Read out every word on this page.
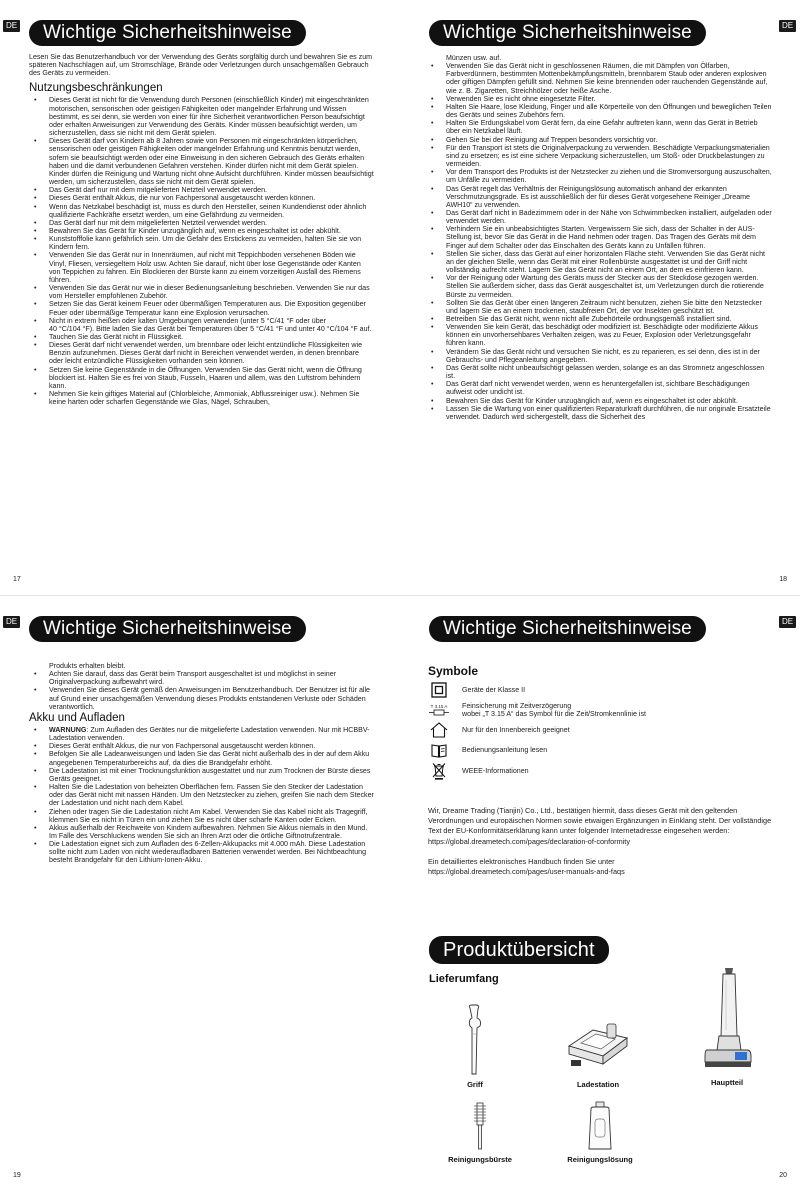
DE	Wichtige Sicherheitshinweise

Lesen Sie das Benutzerhandbuch vor der Verwendung des Geräts sorgfältig durch und bewahren Sie es zum späteren Nachschlagen auf, um Stromschläge, Brände oder Verletzungen durch unsachgemäßen Gebrauch des Geräts zu vermeiden.

Nutzungsbeschränkungen
• Dieses Gerät ist nicht für die Verwendung durch Personen (einschließlich Kinder) mit eingeschränkten motorischen, sensorischen oder geistigen Fähigkeiten oder mangelnder Erfahrung und Wissen bestimmt, es sei denn, sie werden von einer für ihre Sicherheit verantwortlichen Person beaufsichtigt oder erhalten Anweisungen zur Verwendung des Geräts. Kinder müssen beaufsichtigt werden, um sicherzustellen, dass sie nicht mit dem Gerät spielen.
• Dieses Gerät darf von Kindern ab 8 Jahren sowie von Personen mit eingeschränkten körperlichen, sensorischen oder geistigen Fähigkeiten oder mangelnder Erfahrung und Kenntnis benutzt werden, sofern sie beaufsichtigt werden oder eine Einweisung in den sicheren Gebrauch des Geräts erhalten haben und die damit verbundenen Gefahren verstehen. Kinder dürfen nicht mit dem Gerät spielen. Kinder dürfen die Reinigung und Wartung nicht ohne Aufsicht durchführen. Kinder müssen beaufsichtigt werden, um sicherzustellen, dass sie nicht mit dem Gerät spielen.
• Das Gerät darf nur mit dem mitgelieferten Netzteil verwendet werden.
• Dieses Gerät enthält Akkus, die nur von Fachpersonal ausgetauscht werden können.
• Wenn das Netzkabel beschädigt ist, muss es durch den Hersteller, seinen Kundendienst oder ähnlich qualifizierte Fachkräfte ersetzt werden, um eine Gefährdung zu vermeiden.
• Das Gerät darf nur mit dem mitgelieferten Netzteil verwendet werden.
• Bewahren Sie das Gerät für Kinder unzugänglich auf, wenn es eingeschaltet ist oder abkühlt.
• Kunststofffolie kann gefährlich sein. Um die Gefahr des Erstickens zu vermeiden, halten Sie sie von Kindern fern.
• Verwenden Sie das Gerät nur in Innenräumen, auf nicht mit Teppichboden versehenen Böden wie Vinyl, Fliesen, versiegeltem Holz usw. Achten Sie darauf, nicht über lose Gegenstände oder Kanten von Teppichen zu fahren. Ein Blockieren der Bürste kann zu einem vorzeitigen Ausfall des Riemens führen.
• Verwenden Sie das Gerät nur wie in dieser Bedienungsanleitung beschrieben. Verwenden Sie nur das vom Hersteller empfohlenen Zubehör.
• Setzen Sie das Gerät keinem Feuer oder übermäßigen Temperaturen aus. Die Exposition gegenüber Feuer oder übermäßige Temperatur kann eine Explosion verursachen.
• Nicht in extrem heißen oder kalten Umgebungen verwenden (unter 5 °C/41 °F oder über
40 °C/104 °F). Bitte laden Sie das Gerät bei Temperaturen über 5 °C/41 °F und unter 40 °C/104 °F auf.
• Tauchen Sie das Gerät nicht in Flüssigkeit.
• Dieses Gerät darf nicht verwendet werden, um brennbare oder leicht entzündliche Flüssigkeiten wie Benzin aufzunehmen. Dieses Gerät darf nicht in Bereichen verwendet werden, in denen brennbare oder leicht entzündliche Flüssigkeiten vorhanden sein können.
• Setzen Sie keine Gegenstände in die Öffnungen. Verwenden Sie das Gerät nicht, wenn die Öffnung blockiert ist. Halten Sie es frei von Staub, Fusseln, Haaren und allem, was den Luftstrom behindern kann.
• Nehmen Sie kein giftiges Material auf (Chlorbleiche, Ammoniak, Abflussreiniger usw.). Nehmen Sie keine harten oder scharfen Gegenstände wie Glas, Nägel, Schrauben,
17
Wichtige Sicherheitshinweise	DE
Münzen usw. auf.
• Verwenden Sie das Gerät nicht in geschlossenen Räumen, die mit Dämpfen von Ölfarben, Farbverdünnern, bestimmten Mottenbekämpfungsmitteln, brennbarem Staub oder anderen explosiven oder giftigen Dämpfen gefüllt sind. Nehmen Sie keine brennenden oder rauchenden Gegenstände auf, wie z. B. Zigaretten, Streichhölzer oder heiße Asche.
• Verwenden Sie es nicht ohne eingesetzte Filter.
• Halten Sie Haare, lose Kleidung, Finger und alle Körperteile von den Öffnungen und beweglichen Teilen des Geräts und seines Zubehörs fern.
• Halten Sie Erdungskabel vom Gerät fern, da eine Gefahr auftreten kann, wenn das Gerät in Betrieb über ein Netzkabel läuft.
• Gehen Sie bei der Reinigung auf Treppen besonders vorsichtig vor.
• Für den Transport ist stets die Originalverpackung zu verwenden. Beschädigte Verpackungsmaterialien sind zu ersetzen; es ist eine sichere Verpackung sicherzustellen, um Stoß- oder Druckbelastungen zu vermeiden.
• Vor dem Transport des Produkts ist der Netzstecker zu ziehen und die Stromversorgung auszuschalten, um Unfälle zu vermeiden.
• Das Gerät regelt das Verhältnis der Reinigungslösung automatisch anhand der erkannten Verschmutzungsgrade. Es ist ausschließlich der für dieses Gerät vorgesehene Reiniger „Dreame AWH10“ zu verwenden.
• Das Gerät darf nicht in Badezimmern oder in der Nähe von Schwimmbecken installiert, aufgeladen oder verwendet werden.
• Verhindern Sie ein unbeabsichtigtes Starten. Vergewissern Sie sich, dass der Schalter in der AUS-Stellung ist, bevor Sie das Gerät in die Hand nehmen oder tragen. Das Tragen des Geräts mit dem Finger auf dem Schalter oder das Einschalten des Geräts kann zu Unfällen führen.
• Stellen Sie sicher, dass das Gerät auf einer horizontalen Fläche steht. Verwenden Sie das Gerät nicht an der gleichen Stelle, wenn das Gerät mit einer Rollenbürste ausgestattet ist und der Griff nicht vollständig aufrecht steht. Lagern Sie das Gerät nicht an einem Ort, an dem es einfrieren kann.
• Vor der Reinigung oder Wartung des Geräts muss der Stecker aus der Steckdose gezogen werden. Stellen Sie außerdem sicher, dass das Gerät ausgeschaltet ist, um Verletzungen durch die rotierende Bürste zu vermeiden.
• Sollten Sie das Gerät über einen längeren Zeitraum nicht benutzen, ziehen Sie bitte den Netzstecker und lagern Sie es an einem trockenen, staubfreien Ort, der vor Insekten geschützt ist.
• Betreiben Sie das Gerät nicht, wenn nicht alle Zubehörteile ordnungsgemäß installiert sind.
• Verwenden Sie kein Gerät, das beschädigt oder modifiziert ist. Beschädigte oder modifizierte Akkus können ein unvorhersehbares Verhalten zeigen, was zu Feuer, Explosion oder Verletzungsgefahr führen kann.
• Verändern Sie das Gerät nicht und versuchen Sie nicht, es zu reparieren, es sei denn, dies ist in der Gebrauchs- und Pflegeanleitung angegeben.
• Das Gerät sollte nicht unbeaufsichtigt gelassen werden, solange es an das Stromnetz angeschlossen ist.
• Das Gerät darf nicht verwendet werden, wenn es heruntergefallen ist, sichtbare Beschädigungen aufweist oder undicht ist.
• Bewahren Sie das Gerät für Kinder unzugänglich auf, wenn es eingeschaltet ist oder abkühlt.
• Lassen Sie die Wartung von einer qualifizierten Reparaturkraft durchführen, die nur originale Ersatzteile verwendet. Dadurch wird sichergestellt, dass die Sicherheit des
18
DE	Wichtige Sicherheitshinweise
Produkts erhalten bleibt.
• Achten Sie darauf, dass das Gerät beim Transport ausgeschaltet ist und möglichst in seiner Originalverpackung aufbewahrt wird.
• Verwenden Sie dieses Gerät gemäß den Anweisungen im Benutzerhandbuch. Der Benutzer ist für alle auf Grund einer unsachgemäßen Verwendung dieses Produkts entstandenen Verluste oder Schäden verantwortlich.
Akku und Aufladen
• WARNUNG: Zum Aufladen des Gerätes nur die mitgelieferte Ladestation verwenden. Nur mit HCBBV-Ladestation verwenden.
• Dieses Gerät enthält Akkus, die nur von Fachpersonal ausgetauscht werden können.
• Befolgen Sie alle Ladeanweisungen und laden Sie das Gerät nicht außerhalb des in der auf dem Akku angegebenen Temperaturbereichs auf, da dies die Brandgefahr erhöht.
• Die Ladestation ist mit einer Trocknungsfunktion ausgestattet und nur zum Trocknen der Bürste dieses Geräts geeignet.
• Halten Sie die Ladestation von beheizten Oberflächen fern. Fassen Sie den Stecker der Ladestation oder das Gerät nicht mit nassen Händen. Um den Netzstecker zu ziehen, greifen Sie nach dem Stecker der Ladestation und nicht nach dem Kabel.
• Ziehen oder tragen Sie die Ladestation nicht Am Kabel. Verwenden Sie das Kabel nicht als Tragegriff, klemmen Sie es nicht in Türen ein und ziehen Sie es nicht über scharfe Kanten oder Ecken.
• Akkus außerhalb der Reichweite von Kindern aufbewahren. Nehmen Sie Akkus niemals in den Mund. Im Falle des Verschluckens wenden Sie sich an Ihren Arzt oder die örtliche Giftnotrufzentrale.
• Die Ladestation eignet sich zum Aufladen des 6-Zellen-Akkupacks mit 4.000 mAh. Diese Ladestation sollte nicht zum Laden von nicht wiederaufladbaren Batterien verwendet werden. Bei Nichtbeachtung besteht Brandgefahr für den Lithium-Ionen-Akku.
19
Wichtige Sicherheitshinweise	DE
Symbole
Geräte der Klasse II
T 3.15 A Feinsicherung mit Zeitverzögerung
wobei „T 3.15 A“ das Symbol für die Zeit/Stromkennlinie ist
Nur für den Innenbereich geeignet
Bedienungsanleitung lesen
WEEE-Informationen
Wir, Dreame Trading (Tianjin) Co., Ltd., bestätigen hiermit, dass dieses Gerät mit den geltenden Verordnungen und europäischen Normen sowie etwaigen Ergänzungen in Einklang steht. Der vollständige Text der EU-Konformitätserklärung kann unter folgender Internetadresse eingesehen werden:
https://global.dreametech.com/pages/declaration-of-conformity
Ein detailliertes elektronisches Handbuch finden Sie unter
https://global.dreametech.com/pages/user-manuals-and-faqs
Produktübersicht
Lieferumfang
Griff	Ladestation	Hauptteil
Reinigungsbürste	Reinigungslösung
20
